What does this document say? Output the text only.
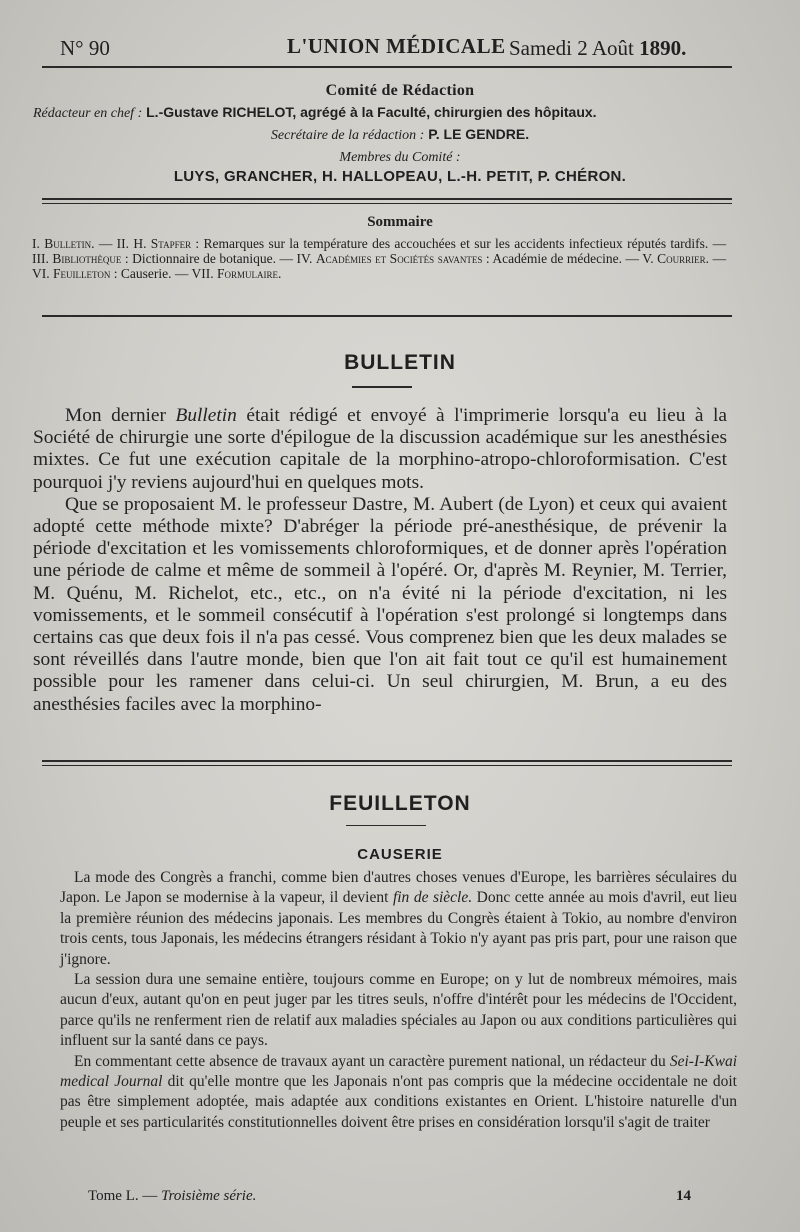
N° 90	L'UNION MÉDICALE Samedi 2 Août 1890.
Comité de Rédaction
Rédacteur en chef : L.-Gustave RICHELOT, agrégé à la Faculté, chirurgien des hôpitaux.
Secrétaire de la rédaction : P. LE GENDRE.
Membres du Comité :
LUYS, GRANCHER, H. HALLOPEAU, L.-H. PETIT, P. CHÉRON.
Sommaire
I. Bulletin. — II. H. Stapfer : Remarques sur la température des accouchées et sur les accidents infectieux réputés tardifs. — III. Bibliothèque : Dictionnaire de botanique. — IV. Académies et Sociétés savantes : Académie de médecine. — V. Courrier. — VI. Feuilleton : Causerie. — VII. Formulaire.
BULLETIN

Mon dernier Bulletin était rédigé et envoyé à l'imprimerie lorsqu'a eu lieu à la Société de chirurgie une sorte d'épilogue de la discussion académique sur les anesthésies mixtes. Ce fut une exécution capitale de la morphino-atropo-chloroformisation. C'est pourquoi j'y reviens aujourd'hui en quelques mots.

Que se proposaient M. le professeur Dastre, M. Aubert (de Lyon) et ceux qui avaient adopté cette méthode mixte? D'abréger la période pré-anesthésique, de prévenir la période d'excitation et les vomissements chloroformiques, et de donner après l'opération une période de calme et même de sommeil à l'opéré. Or, d'après M. Reynier, M. Terrier, M. Quénu, M. Richelot, etc., etc., on n'a évité ni la période d'excitation, ni les vomissements, et le sommeil consécutif à l'opération s'est prolongé si longtemps dans certains cas que deux fois il n'a pas cessé. Vous comprenez bien que les deux malades se sont réveillés dans l'autre monde, bien que l'on ait fait tout ce qu'il est humainement possible pour les ramener dans celui-ci. Un seul chirurgien, M. Brun, a eu des anesthésies faciles avec la morphino-

FEUILLETON
CAUSERIE

La mode des Congrès a franchi, comme bien d'autres choses venues d'Europe, les barrières séculaires du Japon. Le Japon se modernise à la vapeur, il devient fin de siècle. Donc cette année au mois d'avril, eut lieu la première réunion des médecins japonais. Les membres du Congrès étaient à Tokio, au nombre d'environ trois cents, tous Japonais, les médecins étrangers résidant à Tokio n'y ayant pas pris part, pour une raison que j'ignore.

La session dura une semaine entière, toujours comme en Europe; on y lut de nombreux mémoires, mais aucun d'eux, autant qu'on en peut juger par les titres seuls, n'offre d'intérêt pour les médecins de l'Occident, parce qu'ils ne renferment rien de relatif aux maladies spéciales au Japon ou aux conditions particulières qui influent sur la santé dans ce pays.

En commentant cette absence de travaux ayant un caractère purement national, un rédacteur du Sei-I-Kwai medical Journal dit qu'elle montre que les Japonais n'ont pas compris que la médecine occidentale ne doit pas être simplement adoptée, mais adaptée aux conditions existantes en Orient. L'histoire naturelle d'un peuple et ses particularités constitutionnelles doivent être prises en considération lorsqu'il s'agit de traiter

Tome L. — Troisième série.	14
